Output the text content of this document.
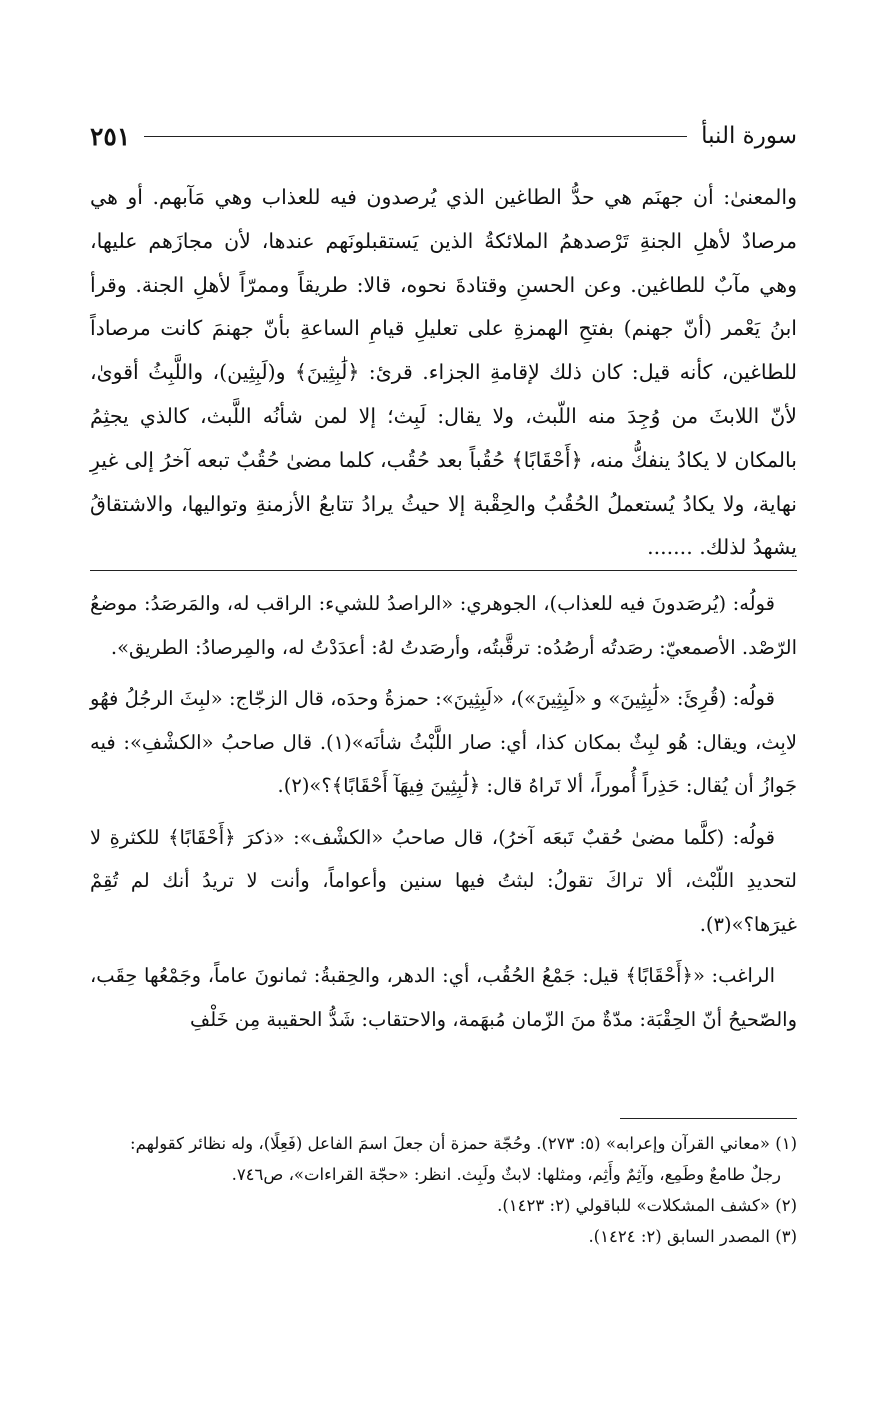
سورة النبأ
٢٥١

والمعنىٰ: أن جهنَم هي حدُّ الطاغين الذي يُرصدون فيه للعذاب وهي مَآبهم. أو هي مرصادٌ لأهلِ الجنةِ تَرْصدهمُ الملائكةُ الذين يَستقبلونَهم عندها، لأن مجازَهم عليها، وهي مآبٌ للطاغين. وعن الحسنِ وقتادةَ نحوه، قالا: طريقاً وممرّاً لأهلِ الجنة. وقرأ ابنُ يَعْمر (أنّ جهنم) بفتحِ الهمزةِ على تعليلِ قيامِ الساعةِ بأنّ جهنمَ كانت مرصاداً للطاغين، كأنه قيل: كان ذلك لإقامةِ الجزاء. قرئ: ﴿لَٰبِثِينَ﴾ و(لَبِثِين)، واللَّبِثُ أقوىٰ، لأنّ اللابثَ من وُجِدَ منه اللّبث، ولا يقال: لَبِث؛ إلا لمن شأنُه اللَّبث، كالذي يجثِمُ بالمكان لا يكادُ ينفكُّ منه، ﴿أَحْقَابًا﴾ حُقُباً بعد حُقُب، كلما مضىٰ حُقُبٌ تبعه آخرُ إلى غيرِ نهاية، ولا يكادُ يُستعملُ الحُقُبُ والحِقْبة إلا حيثُ يرادُ تتابعُ الأزمنةِ وتواليها، والاشتقاقُ يشهدُ لذلك. .......

قولُه: (يُرصَدونَ فيه للعذاب)، الجوهري: «الراصدُ للشيء: الراقب له، والمَرصَدُ: موضعُ الرّصْد. الأصمعيّ: رصَدتُه أرصُدُه: ترقَّبتُه، وأرصَدتُ لهُ: أعدَدْتُ له، والمِرصادُ: الطريق».

قولُه: (قُرِئَ: «لَٰبِثِينَ» و «لَبِثِينَ»)، «لَبِثِينَ»: حمزةُ وحدَه، قال الزجّاج: «لبِثَ الرجُلُ فهُو لابِث، ويقال: هُو لبِثٌ بمكان كذا، أي: صار اللَّبْثُ شأنَه»(١). قال صاحبُ «الكشْفِ»: فيه جَوازُ أن يُقال: حَذِراً أُموراً، ألا تَراهُ قال: ﴿لَٰبِثِينَ فِيهَآ أَحْقَابًا﴾؟»(٢).

قولُه: (كلَّما مضىٰ حُقبٌ تَبعَه آخرُ)، قال صاحبُ «الكشْف»: «ذكرَ ﴿أَحْقَابًا﴾ للكثرةِ لا لتحديدِ اللّبْث، ألا تراكَ تقولُ: لبثتُ فيها سنين وأعواماً، وأنت لا تريدُ أنك لم تُقِمْ غيرَها؟»(٣).

الراغب: «﴿أَحْقَابًا﴾ قيل: جَمْعُ الحُقُب، أي: الدهر، والحِقبةُ: ثمانونَ عاماً، وجَمْعُها حِقَب، والصّحيحُ أنّ الحِقْبَة: مدّةٌ منَ الزّمان مُبهَمة، والاحتقاب: شَدُّ الحقيبة مِن خَلْفِ

(١) «معاني القرآن وإعرابه» (٥: ٢٧٣). وحُجّة حمزة أن جعلَ اسمَ الفاعل (فَعِلًا)، وله نظائر كقولهم:

رجلٌ طامعٌ وطَمِع، وآثِمٌ وأَثِم، ومثلها: لابثٌ ولَبِث. انظر: «حجّة القراءات»، ص٧٤٦.

(٢) «كشف المشكلات» للباقولي (٢: ١٤٢٣).

(٣) المصدر السابق (٢: ١٤٢٤).
